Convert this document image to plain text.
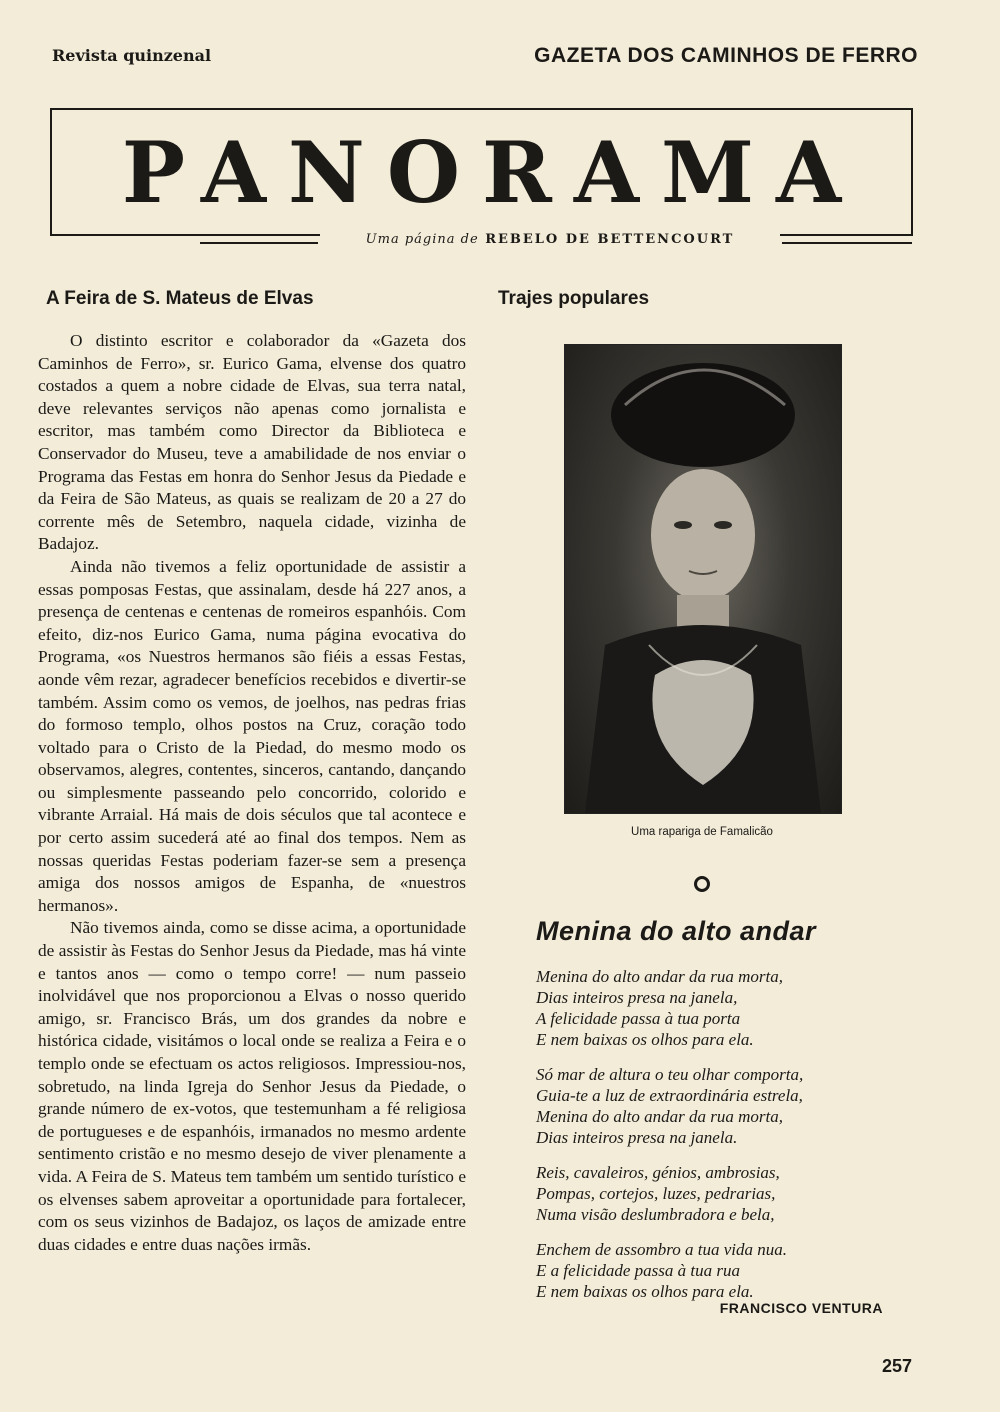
Revista quinzenal	GAZETA DOS CAMINHOS DE FERRO
PANORAMA
Uma página de REBELO DE BETTENCOURT
A Feira de S. Mateus de Elvas

O distinto escritor e colaborador da «Gazeta dos Caminhos de Ferro», sr. Eurico Gama, elvense dos quatro costados a quem a nobre cidade de Elvas, sua terra natal, deve relevantes serviços não apenas como jornalista e escritor, mas também como Director da Biblioteca e Conservador do Museu, teve a amabilidade de nos enviar o Programa das Festas em honra do Senhor Jesus da Piedade e da Feira de São Mateus, as quais se realizam de 20 a 27 do corrente mês de Setembro, naquela cidade, vizinha de Badajoz.

Ainda não tivemos a feliz oportunidade de assistir a essas pomposas Festas, que assinalam, desde há 227 anos, a presença de centenas e centenas de romeiros espanhóis. Com efeito, diz-nos Eurico Gama, numa página evocativa do Programa, «os Nuestros hermanos são fiéis a essas Festas, aonde vêm rezar, agradecer benefícios recebidos e divertir-se também. Assim como os vemos, de joelhos, nas pedras frias do formoso templo, olhos postos na Cruz, coração todo voltado para o Cristo de la Piedad, do mesmo modo os observamos, alegres, contentes, sinceros, cantando, dançando ou simplesmente passeando pelo concorrido, colorido e vibrante Arraial. Há mais de dois séculos que tal acontece e por certo assim sucederá até ao final dos tempos. Nem as nossas queridas Festas poderiam fazer-se sem a presença amiga dos nossos amigos de Espanha, de «nuestros hermanos».

Não tivemos ainda, como se disse acima, a oportunidade de assistir às Festas do Senhor Jesus da Piedade, mas há vinte e tantos anos — como o tempo corre! — num passeio inolvidável que nos proporcionou a Elvas o nosso querido amigo, sr. Francisco Brás, um dos grandes da nobre e histórica cidade, visitámos o local onde se realiza a Feira e o templo onde se efectuam os actos religiosos. Impressiou-nos, sobretudo, na linda Igreja do Senhor Jesus da Piedade, o grande número de ex-votos, que testemunham a fé religiosa de portugueses e de espanhóis, irmanados no mesmo ardente sentimento cristão e no mesmo desejo de viver plenamente a vida. A Feira de S. Mateus tem também um sentido turístico e os elvenses sabem aproveitar a oportunidade para fortalecer, com os seus vizinhos de Badajoz, os laços de amizade entre duas cidades e entre duas nações irmãs.

Trajes populares
Uma rapariga de Famalicão
Menina do alto andar
Menina do alto andar da rua morta,
Dias inteiros presa na janela,
A felicidade passa à tua porta
E nem baixas os olhos para ela.
Só mar de altura o teu olhar comporta,
Guia-te a luz de extraordinária estrela,
Menina do alto andar da rua morta,
Dias inteiros presa na janela.
Reis, cavaleiros, génios, ambrosias,
Pompas, cortejos, luzes, pedrarias,
Numa visão deslumbradora e bela,
Enchem de assombro a tua vida nua.
E a felicidade passa à tua rua
E nem baixas os olhos para ela.
FRANCISCO VENTURA
257
